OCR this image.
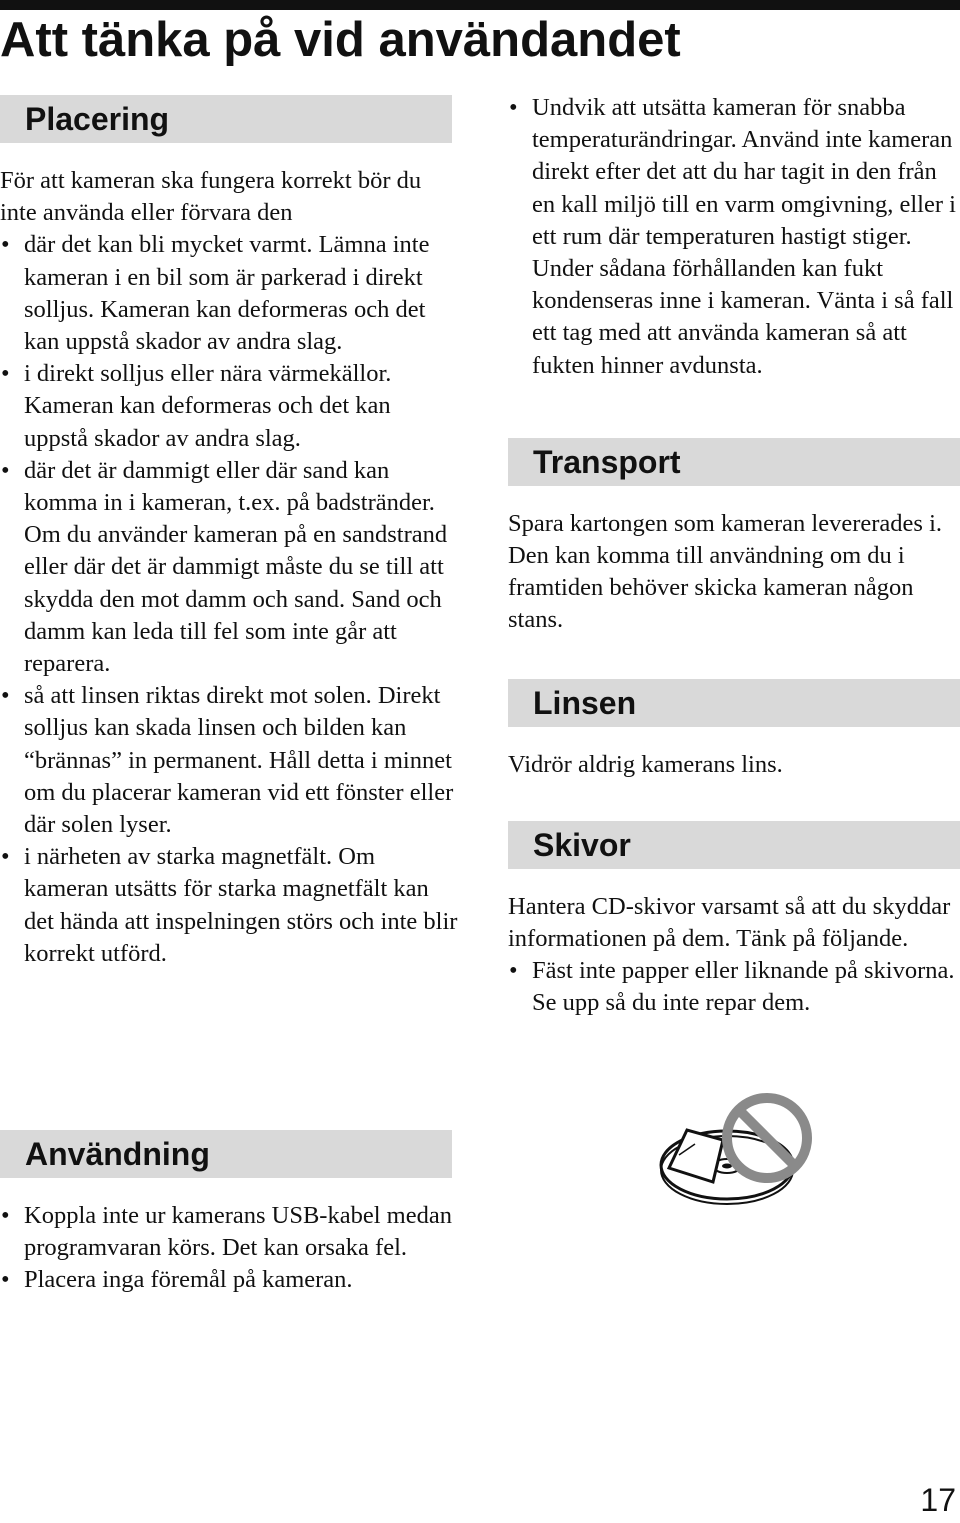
Att tänka på vid användandet
Placering

För att kameran ska fungera korrekt bör du inte använda eller förvara den

• där det kan bli mycket varmt. Lämna inte kameran i en bil som är parkerad i direkt solljus. Kameran kan deformeras och det kan uppstå skador av andra slag.
• i direkt solljus eller nära värmekällor. Kameran kan deformeras och det kan uppstå skador av andra slag.
• där det är dammigt eller där sand kan komma in i kameran, t.ex. på badstränder. Om du använder kameran på en sandstrand eller där det är dammigt måste du se till att skydda den mot damm och sand. Sand och damm kan leda till fel som inte går att reparera.
• så att linsen riktas direkt mot solen. Direkt solljus kan skada linsen och bilden kan “brännas” in permanent. Håll detta i minnet om du placerar kameran vid ett fönster eller där solen lyser.
• i närheten av starka magnetfält. Om kameran utsätts för starka magnetfält kan det hända att inspelningen störs och inte blir korrekt utförd.
Användning
• Koppla inte ur kamerans USB-kabel medan programvaran körs. Det kan orsaka fel.
• Placera inga föremål på kameran.
• Undvik att utsätta kameran för snabba temperaturändringar. Använd inte kameran direkt efter det att du har tagit in den från en kall miljö till en varm omgivning, eller i ett rum där temperaturen hastigt stiger. Under sådana förhållanden kan fukt kondenseras inne i kameran. Vänta i så fall ett tag med att använda kameran så att fukten hinner avdunsta.
Transport

Spara kartongen som kameran levererades i. Den kan komma till användning om du i framtiden behöver skicka kameran någon stans.

Linsen

Vidrör aldrig kamerans lins.

Skivor

Hantera CD-skivor varsamt så att du skyddar informationen på dem. Tänk på följande.

• Fäst inte papper eller liknande på skivorna. Se upp så du inte repar dem.
17
